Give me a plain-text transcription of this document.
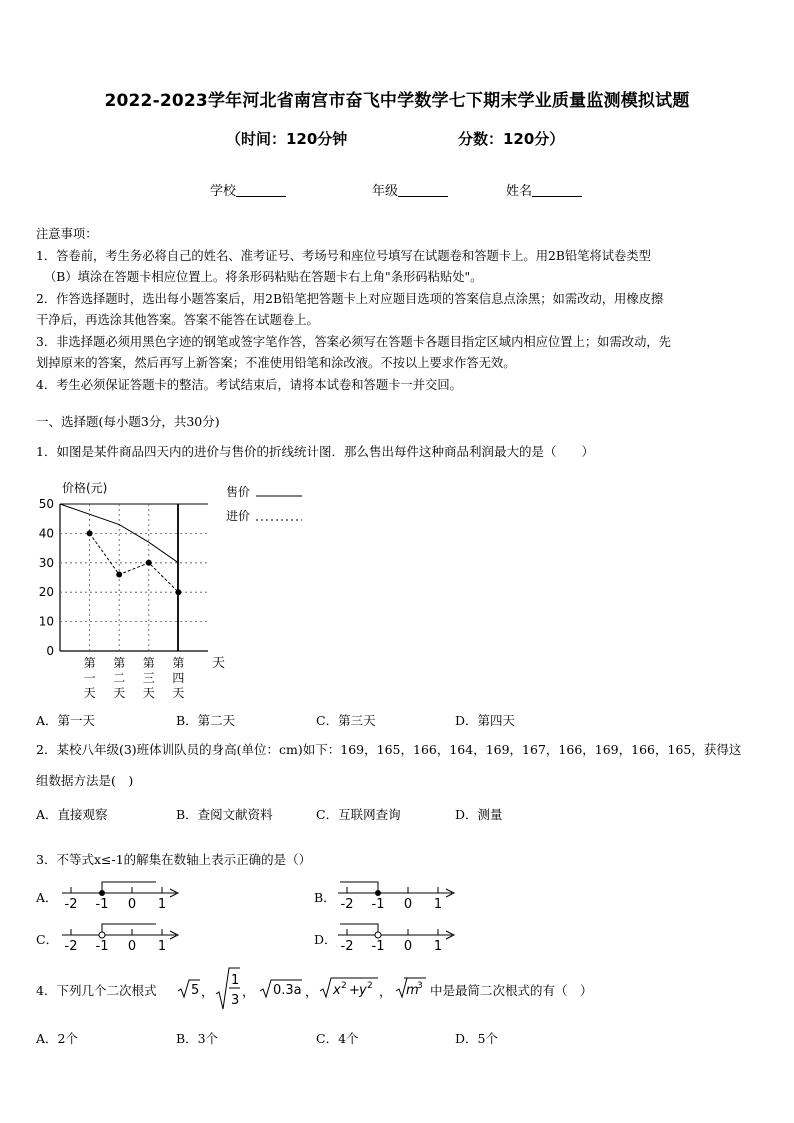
2022-2023学年河北省南宫市奋飞中学数学七下期末学业质量监测模拟试题
（时间：120分钟	分数：120分）
学校	年级	姓名

注意事项：

1．答卷前，考生务必将自己的姓名、准考证号、考场号和座位号填写在试题卷和答题卡上。用2B铅笔将试卷类型

（B）填涂在答题卡相应位置上。将条形码粘贴在答题卡右上角"条形码粘贴处"。

2．作答选择题时，选出每小题答案后，用2B铅笔把答题卡上对应题目选项的答案信息点涂黑；如需改动，用橡皮擦

干净后，再选涂其他答案。答案不能答在试题卷上。

3．非选择题必须用黑色字迹的钢笔或签字笔作答，答案必须写在答题卡各题目指定区域内相应位置上；如需改动，先

划掉原来的答案，然后再写上新答案；不准使用铅笔和涂改液。不按以上要求作答无效。

4．考生必须保证答题卡的整洁。考试结束后，请将本试卷和答题卡一并交回。

一、选择题(每小题3分，共30分)
1．如图是某件商品四天内的进价与售价的折线统计图．那么售出每件这种商品利润最大的是（　　）
0
10
20
30
40
50
第
一
天
第
二
天
第
三
天
第
四
天
价格(元)
天
售价
进价
A．第一天	B．第二天	C．第三天	D．第四天
2．某校八年级(3)班体训队员的身高(单位：cm)如下：169，165，166，164，169，167，166，169，166，165，获得这
组数据方法是(　)
A．直接观察	B．查阅文献资料	C．互联网查询	D．测量
3．不等式x≤-1的解集在数轴上表示正确的是（）
A．	B．
C．	D．
-2 -1 0 1	-2 -1 0 1
-2 -1 0 1	-2 -1 0 1
4．下列几个二次根式	5 ，
1
3
， 0.3a ， x 2 + y 2 ， m
3 中是最简二次根式的有（　）
A．2个	B．3个	C．4个	D．5个
